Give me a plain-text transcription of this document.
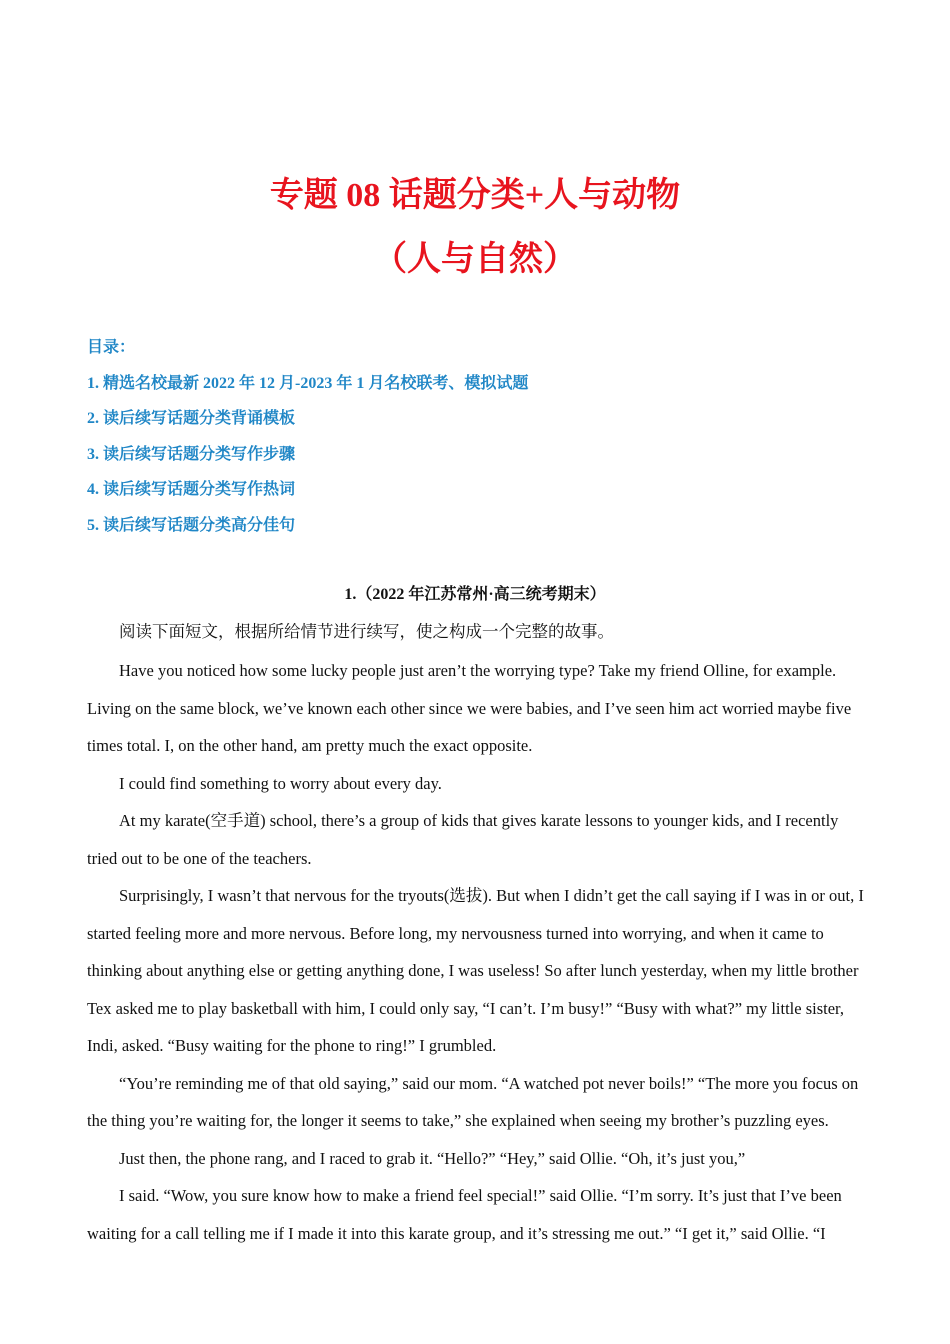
专题 08 话题分类+人与动物
（人与自然）
目录：
1. 精选名校最新 2022 年 12 月-2023 年 1 月名校联考、模拟试题
2. 读后续写话题分类背诵模板
3. 读后续写话题分类写作步骤
4. 读后续写话题分类写作热词
5. 读后续写话题分类高分佳句
1.（2022 年江苏常州·高三统考期末）

阅读下面短文，根据所给情节进行续写，使之构成一个完整的故事。

Have you noticed how some lucky people just aren’t the worrying type? Take my friend Olline, for example. Living on the same block, we’ve known each other since we were babies, and I’ve seen him act worried maybe five times total. I, on the other hand, am pretty much the exact opposite.

I could find something to worry about every day.

At my karate(空手道) school, there’s a group of kids that gives karate lessons to younger kids, and I recently tried out to be one of the teachers.

Surprisingly, I wasn’t that nervous for the tryouts(选拔). But when I didn’t get the call saying if I was in or out, I started feeling more and more nervous. Before long, my nervousness turned into worrying, and when it came to thinking about anything else or getting anything done, I was useless! So after lunch yesterday, when my little brother Tex asked me to play basketball with him, I could only say, “I can’t. I’m busy!” “Busy with what?” my little sister, Indi, asked. “Busy waiting for the phone to ring!” I grumbled.

“You’re reminding me of that old saying,” said our mom. “A watched pot never boils!” “The more you focus on the thing you’re waiting for, the longer it seems to take,” she explained when seeing my brother’s puzzling eyes.

Just then, the phone rang, and I raced to grab it. “Hello?” “Hey,” said Ollie. “Oh, it’s just you,”

I said. “Wow, you sure know how to make a friend feel special!” said Ollie. “I’m sorry. It’s just that I’ve been waiting for a call telling me if I made it into this karate group, and it’s stressing me out.” “I get it,” said Ollie. “I
